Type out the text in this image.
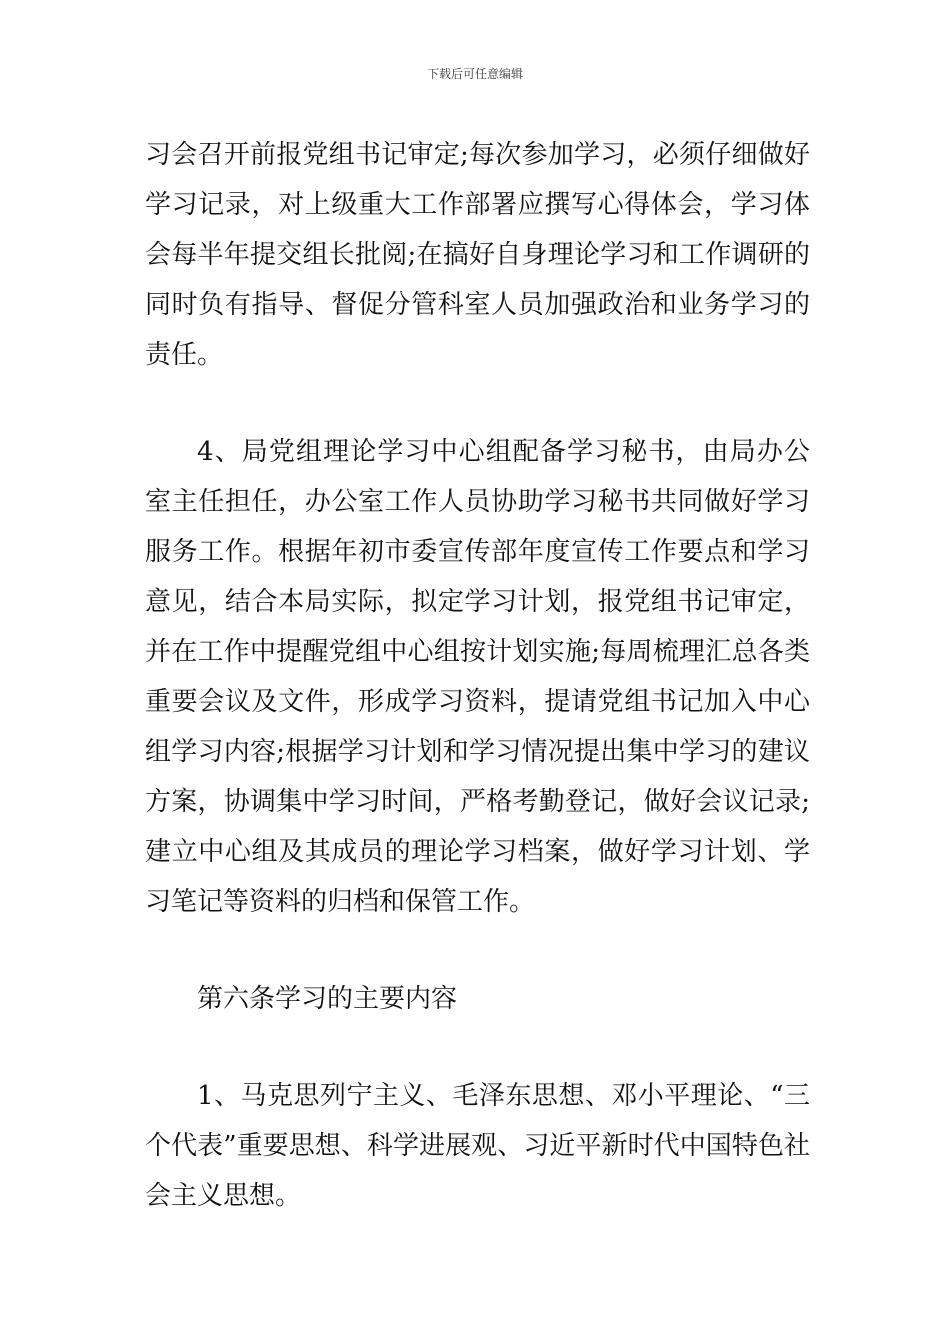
下载后可任意编辑

习会召开前报党组书记审定;每次参加学习，必须仔细做好学习记录，对上级重大工作部署应撰写心得体会，学习体会每半年提交组长批阅;在搞好自身理论学习和工作调研的同时负有指导、督促分管科室人员加强政治和业务学习的责任。

4、局党组理论学习中心组配备学习秘书，由局办公室主任担任，办公室工作人员协助学习秘书共同做好学习服务工作。根据年初市委宣传部年度宣传工作要点和学习意见，结合本局实际，拟定学习计划，报党组书记审定，并在工作中提醒党组中心组按计划实施;每周梳理汇总各类重要会议及文件，形成学习资料，提请党组书记加入中心组学习内容;根据学习计划和学习情况提出集中学习的建议方案，协调集中学习时间，严格考勤登记，做好会议记录;建立中心组及其成员的理论学习档案，做好学习计划、学习笔记等资料的归档和保管工作。

第六条学习的主要内容

1、马克思列宁主义、毛泽东思想、邓小平理论、“三个代表”重要思想、科学进展观、习近平新时代中国特色社会主义思想。
